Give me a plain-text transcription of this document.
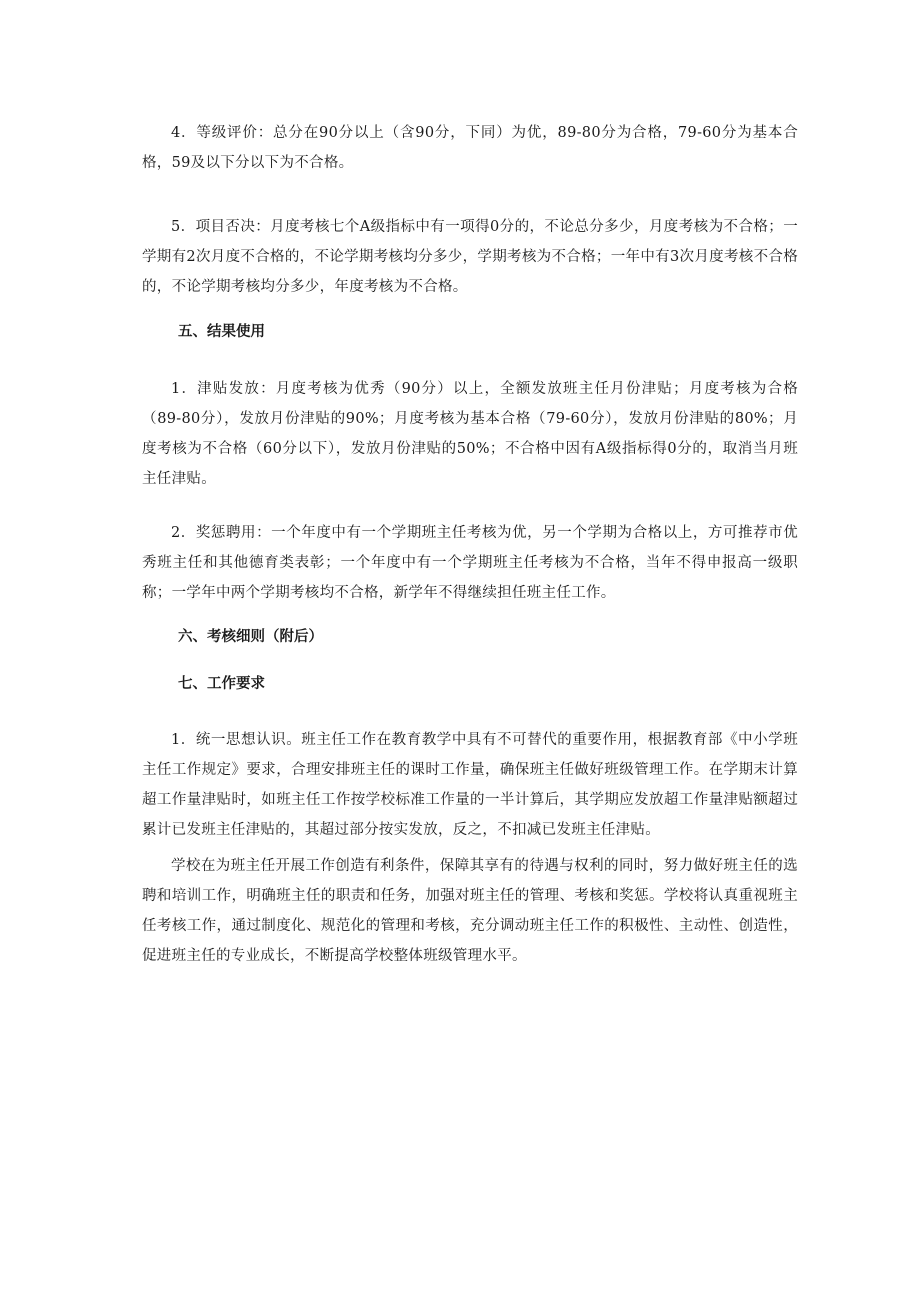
4．等级评价：总分在90分以上（含90分，下同）为优，89-80分为合格，79-60分为基本合格，59及以下分以下为不合格。

5．项目否决：月度考核七个A级指标中有一项得0分的，不论总分多少，月度考核为不合格；一学期有2次月度不合格的，不论学期考核均分多少，学期考核为不合格；一年中有3次月度考核不合格的，不论学期考核均分多少，年度考核为不合格。

五、结果使用

1．津贴发放：月度考核为优秀（90分）以上，全额发放班主任月份津贴；月度考核为合格（89-80分），发放月份津贴的90%；月度考核为基本合格（79-60分），发放月份津贴的80%；月度考核为不合格（60分以下），发放月份津贴的50%；不合格中因有A级指标得0分的，取消当月班主任津贴。

2．奖惩聘用：一个年度中有一个学期班主任考核为优，另一个学期为合格以上，方可推荐市优秀班主任和其他德育类表彰；一个年度中有一个学期班主任考核为不合格，当年不得申报高一级职称；一学年中两个学期考核均不合格，新学年不得继续担任班主任工作。

六、考核细则（附后）
七、工作要求

1．统一思想认识。班主任工作在教育教学中具有不可替代的重要作用，根据教育部《中小学班主任工作规定》要求，合理安排班主任的课时工作量，确保班主任做好班级管理工作。在学期末计算超工作量津贴时，如班主任工作按学校标准工作量的一半计算后，其学期应发放超工作量津贴额超过累计已发班主任津贴的，其超过部分按实发放，反之，不扣减已发班主任津贴。

学校在为班主任开展工作创造有利条件，保障其享有的待遇与权利的同时，努力做好班主任的选聘和培训工作，明确班主任的职责和任务，加强对班主任的管理、考核和奖惩。学校将认真重视班主任考核工作，通过制度化、规范化的管理和考核，充分调动班主任工作的积极性、主动性、创造性，促进班主任的专业成长，不断提高学校整体班级管理水平。
